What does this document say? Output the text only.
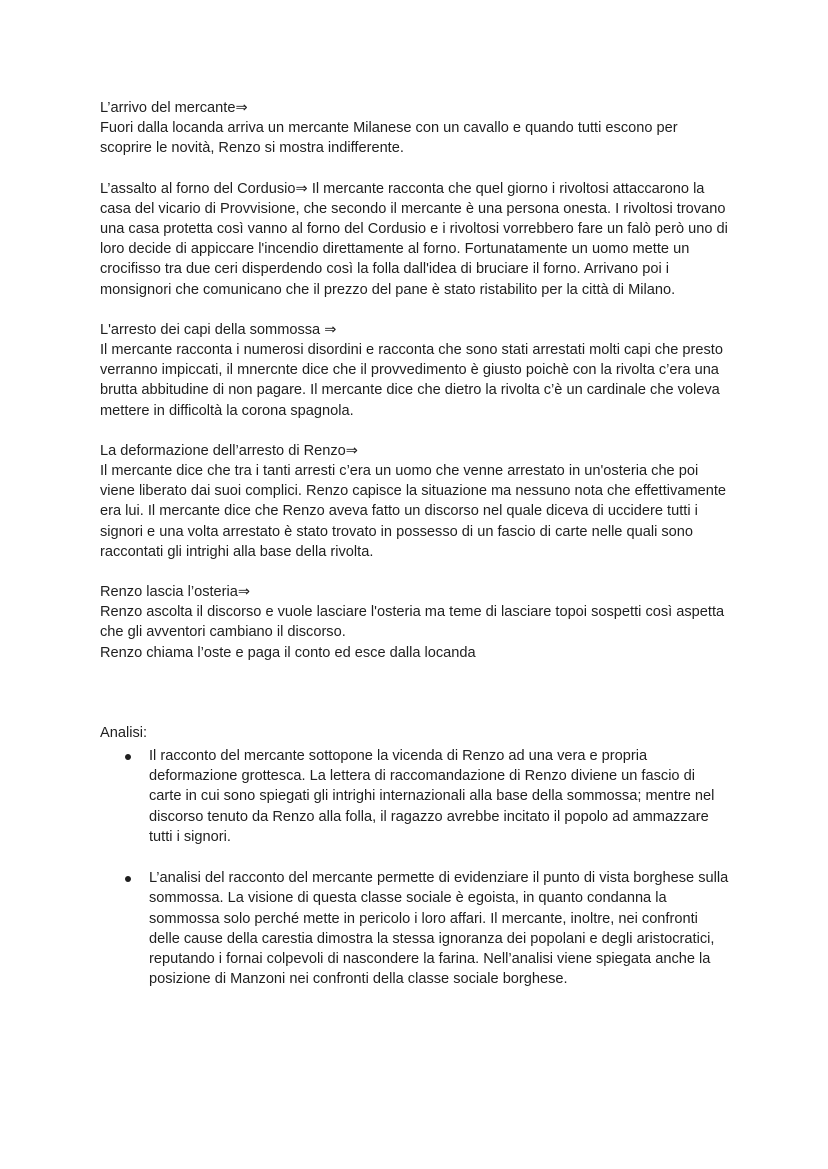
L’arrivo del mercante⇒

Fuori dalla locanda arriva un mercante Milanese con un cavallo e quando tutti escono per scoprire le novità, Renzo si mostra indifferente.

L’assalto al forno del Cordusio⇒ Il mercante racconta che quel giorno i rivoltosi attaccarono la casa del vicario di Provvisione, che secondo il mercante è una persona onesta. I rivoltosi trovano una casa protetta così vanno al forno del Cordusio e i rivoltosi vorrebbero fare un falò però uno di loro decide di appiccare l'incendio direttamente al forno. Fortunatamente un uomo mette un crocifisso tra due ceri disperdendo così la folla dall'idea di bruciare il forno. Arrivano poi i monsignori che comunicano che il prezzo del pane è stato ristabilito per la città di Milano.

L'arresto dei capi della sommossa ⇒

Il mercante racconta i numerosi disordini e racconta che sono stati arrestati molti capi che presto verranno impiccati, il mnercnte dice che il provvedimento è giusto poichè con la rivolta c’era una brutta abbitudine di non pagare. Il mercante dice che dietro la rivolta c’è un cardinale che voleva mettere in difficoltà la corona spagnola.

La deformazione dell’arresto di Renzo⇒

Il mercante dice che tra i tanti arresti c’era un uomo che venne arrestato in un'osteria che poi viene liberato dai suoi complici. Renzo capisce la situazione ma nessuno nota che effettivamente era lui. Il mercante dice che Renzo aveva fatto un discorso nel quale diceva di uccidere tutti i signori e una volta arrestato è stato trovato in possesso di un fascio di carte nelle quali sono raccontati gli intrighi alla base della rivolta.

Renzo lascia l’osteria⇒

Renzo ascolta il discorso e vuole lasciare l'osteria ma teme di lasciare topoi sospetti così aspetta che gli avventori cambiano il discorso.

Renzo chiama l’oste e paga il conto ed esce dalla locanda

Analisi:

Il racconto del mercante sottopone la vicenda di Renzo ad una vera e propria deformazione grottesca. La lettera di raccomandazione di Renzo diviene un fascio di carte in cui sono spiegati gli intrighi internazionali alla base della sommossa; mentre nel discorso tenuto da Renzo alla folla, il ragazzo avrebbe incitato il popolo ad ammazzare tutti i signori.
L’analisi del racconto del mercante permette di evidenziare il punto di vista borghese sulla sommossa. La visione di questa classe sociale è egoista, in quanto condanna la sommossa solo perché mette in pericolo i loro affari. Il mercante, inoltre, nei confronti delle cause della carestia dimostra la stessa ignoranza dei popolani e degli aristocratici, reputando i fornai colpevoli di nascondere la farina. Nell’analisi viene spiegata anche la posizione di Manzoni nei confronti della classe sociale borghese.
